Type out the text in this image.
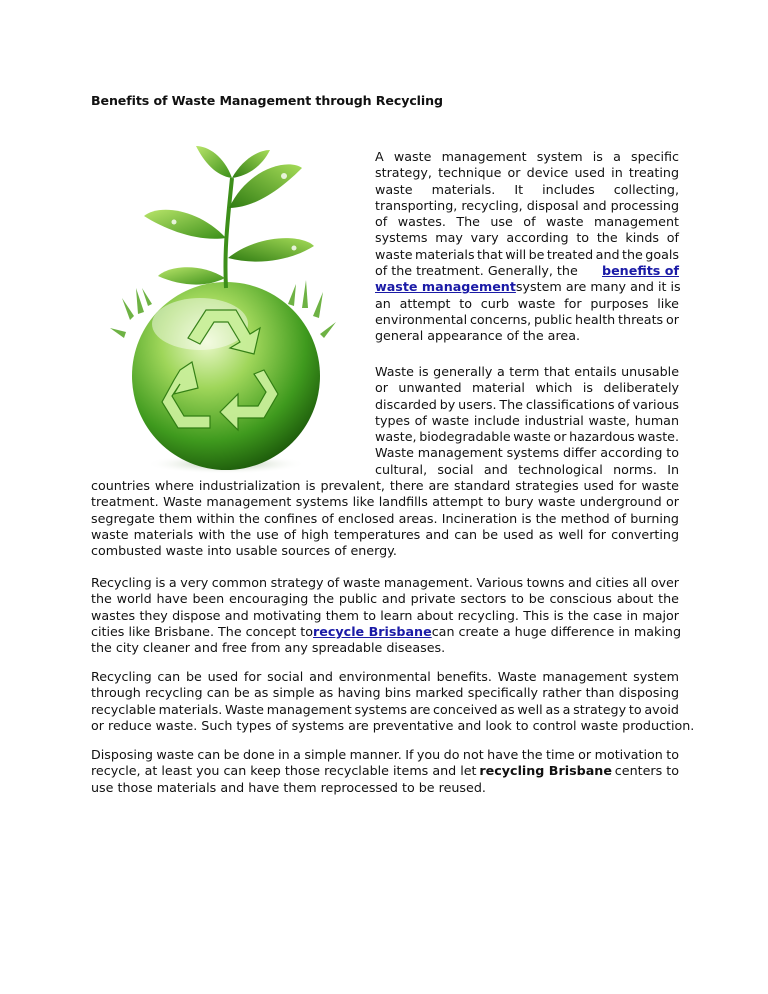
Benefits of Waste Management through Recycling
A waste management system is a specific
strategy, technique or device used in treating
waste materials. It includes collecting,
transporting, recycling, disposal and processing
of wastes. The use of waste management
systems may vary according to the kinds of
waste materials that will be treated and the goals
of the treatment. Generally, the benefits of
waste management system are many and it is
an attempt to curb waste for purposes like
environmental concerns, public health threats or
general appearance of the area.
Waste is generally a term that entails unusable
or unwanted material which is deliberately
discarded by users. The classifications of various
types of waste include industrial waste, human
waste, biodegradable waste or hazardous waste.
Waste management systems differ according to
cultural, social and technological norms. In
countries where industrialization is prevalent, there are standard strategies used for waste
treatment. Waste management systems like landfills attempt to bury waste underground or
segregate them within the confines of enclosed areas. Incineration is the method of burning
waste materials with the use of high temperatures and can be used as well for converting
combusted waste into usable sources of energy.
Recycling is a very common strategy of waste management. Various towns and cities all over
the world have been encouraging the public and private sectors to be conscious about the
wastes they dispose and motivating them to learn about recycling. This is the case in major
cities like Brisbane. The concept to recycle Brisbane can create a huge difference in making
the city cleaner and free from any spreadable diseases.
Recycling can be used for social and environmental benefits. Waste management system
through recycling can be as simple as having bins marked specifically rather than disposing
recyclable materials. Waste management systems are conceived as well as a strategy to avoid
or reduce waste. Such types of systems are preventative and look to control waste production.
Disposing waste can be done in a simple manner. If you do not have the time or motivation to
recycle, at least you can keep those recyclable items and let recycling Brisbane centers to
use those materials and have them reprocessed to be reused.
